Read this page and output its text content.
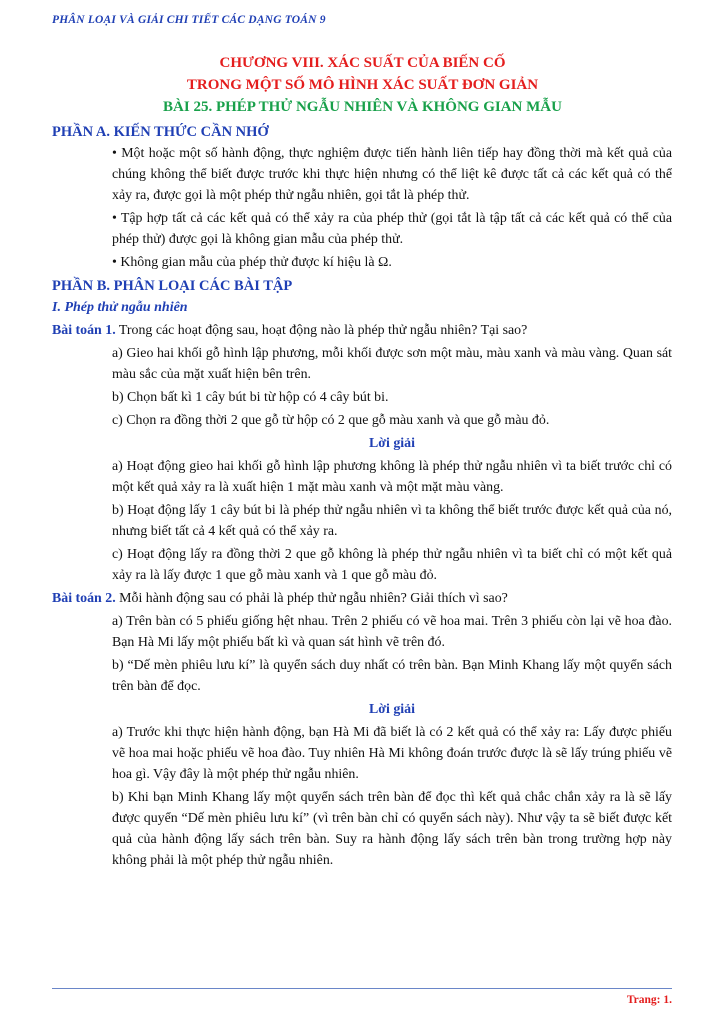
PHÂN LOẠI VÀ GIẢI CHI TIẾT CÁC DẠNG TOÁN 9
CHƯƠNG VIII. XÁC SUẤT CỦA BIẾN CỐ
TRONG MỘT SỐ MÔ HÌNH XÁC SUẤT ĐƠN GIẢN
BÀI 25. PHÉP THỬ NGẪU NHIÊN VÀ KHÔNG GIAN MẪU
PHẦN A. KIẾN THỨC CẦN NHỚ

• Một hoặc một số hành động, thực nghiệm được tiến hành liên tiếp hay đồng thời mà kết quả của chúng không thể biết được trước khi thực hiện nhưng có thể liệt kê được tất cả các kết quả có thể xảy ra, được gọi là một phép thử ngẫu nhiên, gọi tắt là phép thử.

• Tập hợp tất cả các kết quả có thể xảy ra của phép thử (gọi tắt là tập tất cả các kết quả có thể của phép thử) được gọi là không gian mẫu của phép thử.

• Không gian mẫu của phép thử được kí hiệu là Ω.

PHẦN B. PHÂN LOẠI CÁC BÀI TẬP
I. Phép thử ngẫu nhiên

Bài toán 1. Trong các hoạt động sau, hoạt động nào là phép thử ngẫu nhiên? Tại sao?

a) Gieo hai khối gỗ hình lập phương, mỗi khối được sơn một màu, màu xanh và màu vàng. Quan sát màu sắc của mặt xuất hiện bên trên.

b) Chọn bất kì 1 cây bút bi từ hộp có 4 cây bút bi.

c) Chọn ra đồng thời 2 que gỗ từ hộp có 2 que gỗ màu xanh và que gỗ màu đỏ.

Lời giải

a) Hoạt động gieo hai khối gỗ hình lập phương không là phép thử ngẫu nhiên vì ta biết trước chỉ có một kết quả xảy ra là xuất hiện 1 mặt màu xanh và một mặt màu vàng.

b) Hoạt động lấy 1 cây bút bi là phép thử ngẫu nhiên vì ta không thể biết trước được kết quả của nó, nhưng biết tất cả 4 kết quả có thể xảy ra.

c) Hoạt động lấy ra đồng thời 2 que gỗ không là phép thử ngẫu nhiên vì ta biết chỉ có một kết quả xảy ra là lấy được 1 que gỗ màu xanh và 1 que gỗ màu đỏ.

Bài toán 2. Mỗi hành động sau có phải là phép thử ngẫu nhiên? Giải thích vì sao?

a) Trên bàn có 5 phiếu giống hệt nhau. Trên 2 phiếu có vẽ hoa mai. Trên 3 phiếu còn lại vẽ hoa đào. Bạn Hà Mi lấy một phiếu bất kì và quan sát hình vẽ trên đó.

b) “Dế mèn phiêu lưu kí” là quyển sách duy nhất có trên bàn. Bạn Minh Khang lấy một quyển sách trên bàn để đọc.

Lời giải

a) Trước khi thực hiện hành động, bạn Hà Mi đã biết là có 2 kết quả có thể xảy ra: Lấy được phiếu vẽ hoa mai hoặc phiếu vẽ hoa đào. Tuy nhiên Hà Mi không đoán trước được là sẽ lấy trúng phiếu vẽ hoa gì. Vậy đây là một phép thử ngẫu nhiên.

b) Khi bạn Minh Khang lấy một quyển sách trên bàn để đọc thì kết quả chắc chắn xảy ra là sẽ lấy được quyển “Dế mèn phiêu lưu kí” (vì trên bàn chỉ có quyển sách này). Như vậy ta sẽ biết được kết quả của hành động lấy sách trên bàn. Suy ra hành động lấy sách trên bàn trong trường hợp này không phải là một phép thử ngẫu nhiên.

Trang: 1.
